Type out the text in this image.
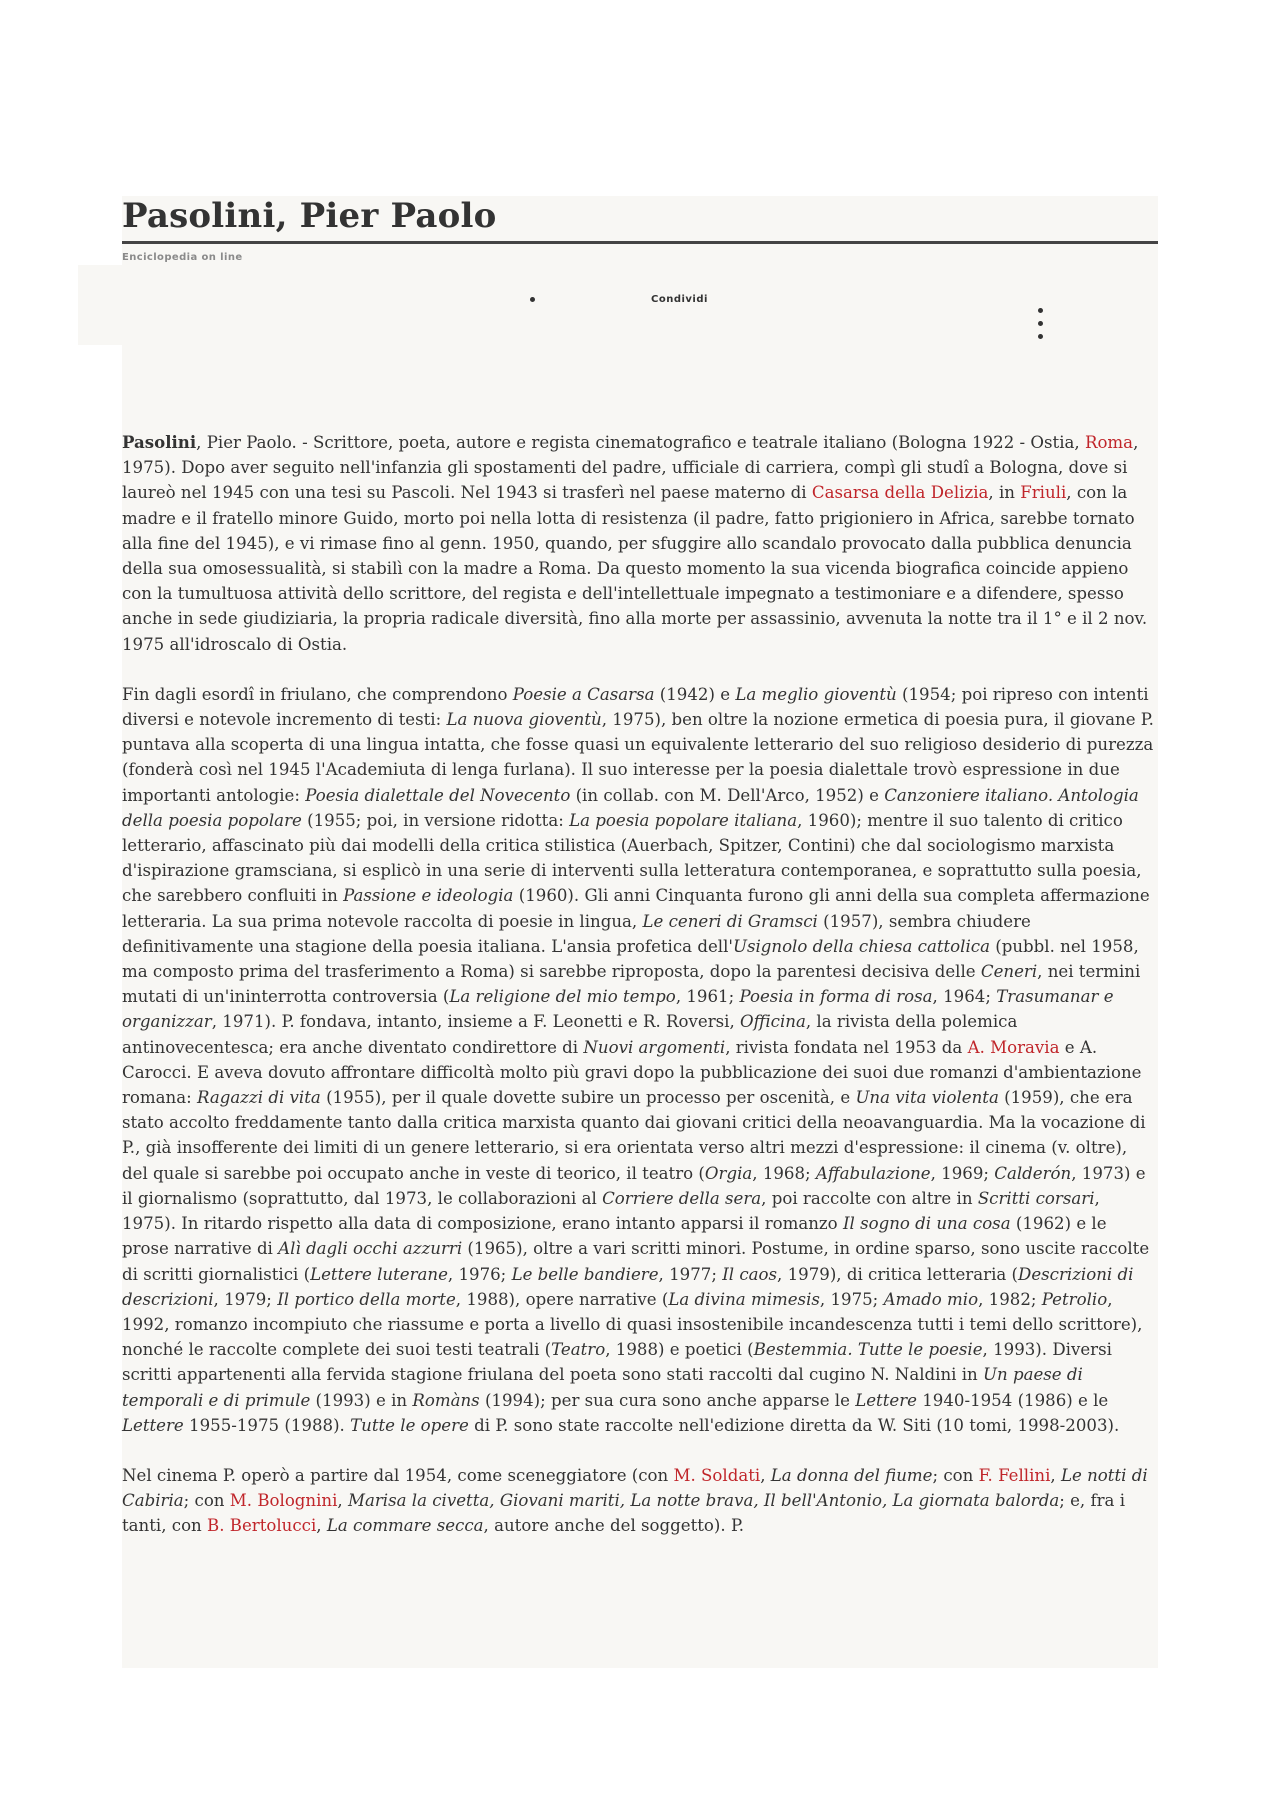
Pasolini, Pier Paolo
Enciclopedia on line
Condividi

Pasolini, Pier Paolo. - Scrittore, poeta, autore e regista cinematografico e teatrale italiano (Bologna 1922 - Ostia, Roma, 1975). Dopo aver seguito nell'infanzia gli spostamenti del padre, ufficiale di carriera, compì gli studî a Bologna, dove si laureò nel 1945 con una tesi su Pascoli. Nel 1943 si trasferì nel paese materno di Casarsa della Delizia, in Friuli, con la madre e il fratello minore Guido, morto poi nella lotta di resistenza (il padre, fatto prigioniero in Africa, sarebbe tornato alla fine del 1945), e vi rimase fino al genn. 1950, quando, per sfuggire allo scandalo provocato dalla pubblica denuncia della sua omosessualità, si stabilì con la madre a Roma. Da questo momento la sua vicenda biografica coincide appieno con la tumultuosa attività dello scrittore, del regista e dell'intellettuale impegnato a testimoniare e a difendere, spesso anche in sede giudiziaria, la propria radicale diversità, fino alla morte per assassinio, avvenuta la notte tra il 1° e il 2 nov. 1975 all'idroscalo di Ostia.

Fin dagli esordî in friulano, che comprendono Poesie a Casarsa (1942) e La meglio gioventù (1954; poi ripreso con intenti diversi e notevole incremento di testi: La nuova gioventù, 1975), ben oltre la nozione ermetica di poesia pura, il giovane P. puntava alla scoperta di una lingua intatta, che fosse quasi un equivalente letterario del suo religioso desiderio di purezza (fonderà così nel 1945 l'Academiuta di lenga furlana). Il suo interesse per la poesia dialettale trovò espressione in due importanti antologie: Poesia dialettale del Novecento (in collab. con M. Dell'Arco, 1952) e Canzoniere italiano. Antologia della poesia popolare (1955; poi, in versione ridotta: La poesia popolare italiana, 1960); mentre il suo talento di critico letterario, affascinato più dai modelli della critica stilistica (Auerbach, Spitzer, Contini) che dal sociologismo marxista d'ispirazione gramsciana, si esplicò in una serie di interventi sulla letteratura contemporanea, e soprattutto sulla poesia, che sarebbero confluiti in Passione e ideologia (1960). Gli anni Cinquanta furono gli anni della sua completa affermazione letteraria. La sua prima notevole raccolta di poesie in lingua, Le ceneri di Gramsci (1957), sembra chiudere definitivamente una stagione della poesia italiana. L'ansia profetica dell'Usignolo della chiesa cattolica (pubbl. nel 1958, ma composto prima del trasferimento a Roma) si sarebbe riproposta, dopo la parentesi decisiva delle Ceneri, nei termini mutati di un'ininterrotta controversia (La religione del mio tempo, 1961; Poesia in forma di rosa, 1964; Trasumanar e organizzar, 1971). P. fondava, intanto, insieme a F. Leonetti e R. Roversi, Officina, la rivista della polemica antinovecentesca; era anche diventato condirettore di Nuovi argomenti, rivista fondata nel 1953 da A. Moravia e A. Carocci. E aveva dovuto affrontare difficoltà molto più gravi dopo la pubblicazione dei suoi due romanzi d'ambientazione romana: Ragazzi di vita (1955), per il quale dovette subire un processo per oscenità, e Una vita violenta (1959), che era stato accolto freddamente tanto dalla critica marxista quanto dai giovani critici della neoavanguardia. Ma la vocazione di P., già insofferente dei limiti di un genere letterario, si era orientata verso altri mezzi d'espressione: il cinema (v. oltre), del quale si sarebbe poi occupato anche in veste di teorico, il teatro (Orgia, 1968; Affabulazione, 1969; Calderón, 1973) e il giornalismo (soprattutto, dal 1973, le collaborazioni al Corriere della sera, poi raccolte con altre in Scritti corsari, 1975). In ritardo rispetto alla data di composizione, erano intanto apparsi il romanzo Il sogno di una cosa (1962) e le prose narrative di Alì dagli occhi azzurri (1965), oltre a vari scritti minori. Postume, in ordine sparso, sono uscite raccolte di scritti giornalistici (Lettere luterane, 1976; Le belle bandiere, 1977; Il caos, 1979), di critica letteraria (Descrizioni di descrizioni, 1979; Il portico della morte, 1988), opere narrative (La divina mimesis, 1975; Amado mio, 1982; Petrolio, 1992, romanzo incompiuto che riassume e porta a livello di quasi insostenibile incandescenza tutti i temi dello scrittore), nonché le raccolte complete dei suoi testi teatrali (Teatro, 1988) e poetici (Bestemmia. Tutte le poesie, 1993). Diversi scritti appartenenti alla fervida stagione friulana del poeta sono stati raccolti dal cugino N. Naldini in Un paese di temporali e di primule (1993) e in Romàns (1994); per sua cura sono anche apparse le Lettere 1940-1954 (1986) e le Lettere 1955-1975 (1988). Tutte le opere di P. sono state raccolte nell'edizione diretta da W. Siti (10 tomi, 1998-2003).

Nel cinema P. operò a partire dal 1954, come sceneggiatore (con M. Soldati, La donna del fiume; con F. Fellini, Le notti di Cabiria; con M. Bolognini, Marisa la civetta, Giovani mariti, La notte brava, Il bell'Antonio, La giornata balorda; e, fra i tanti, con B. Bertolucci, La commare secca, autore anche del soggetto). P.
